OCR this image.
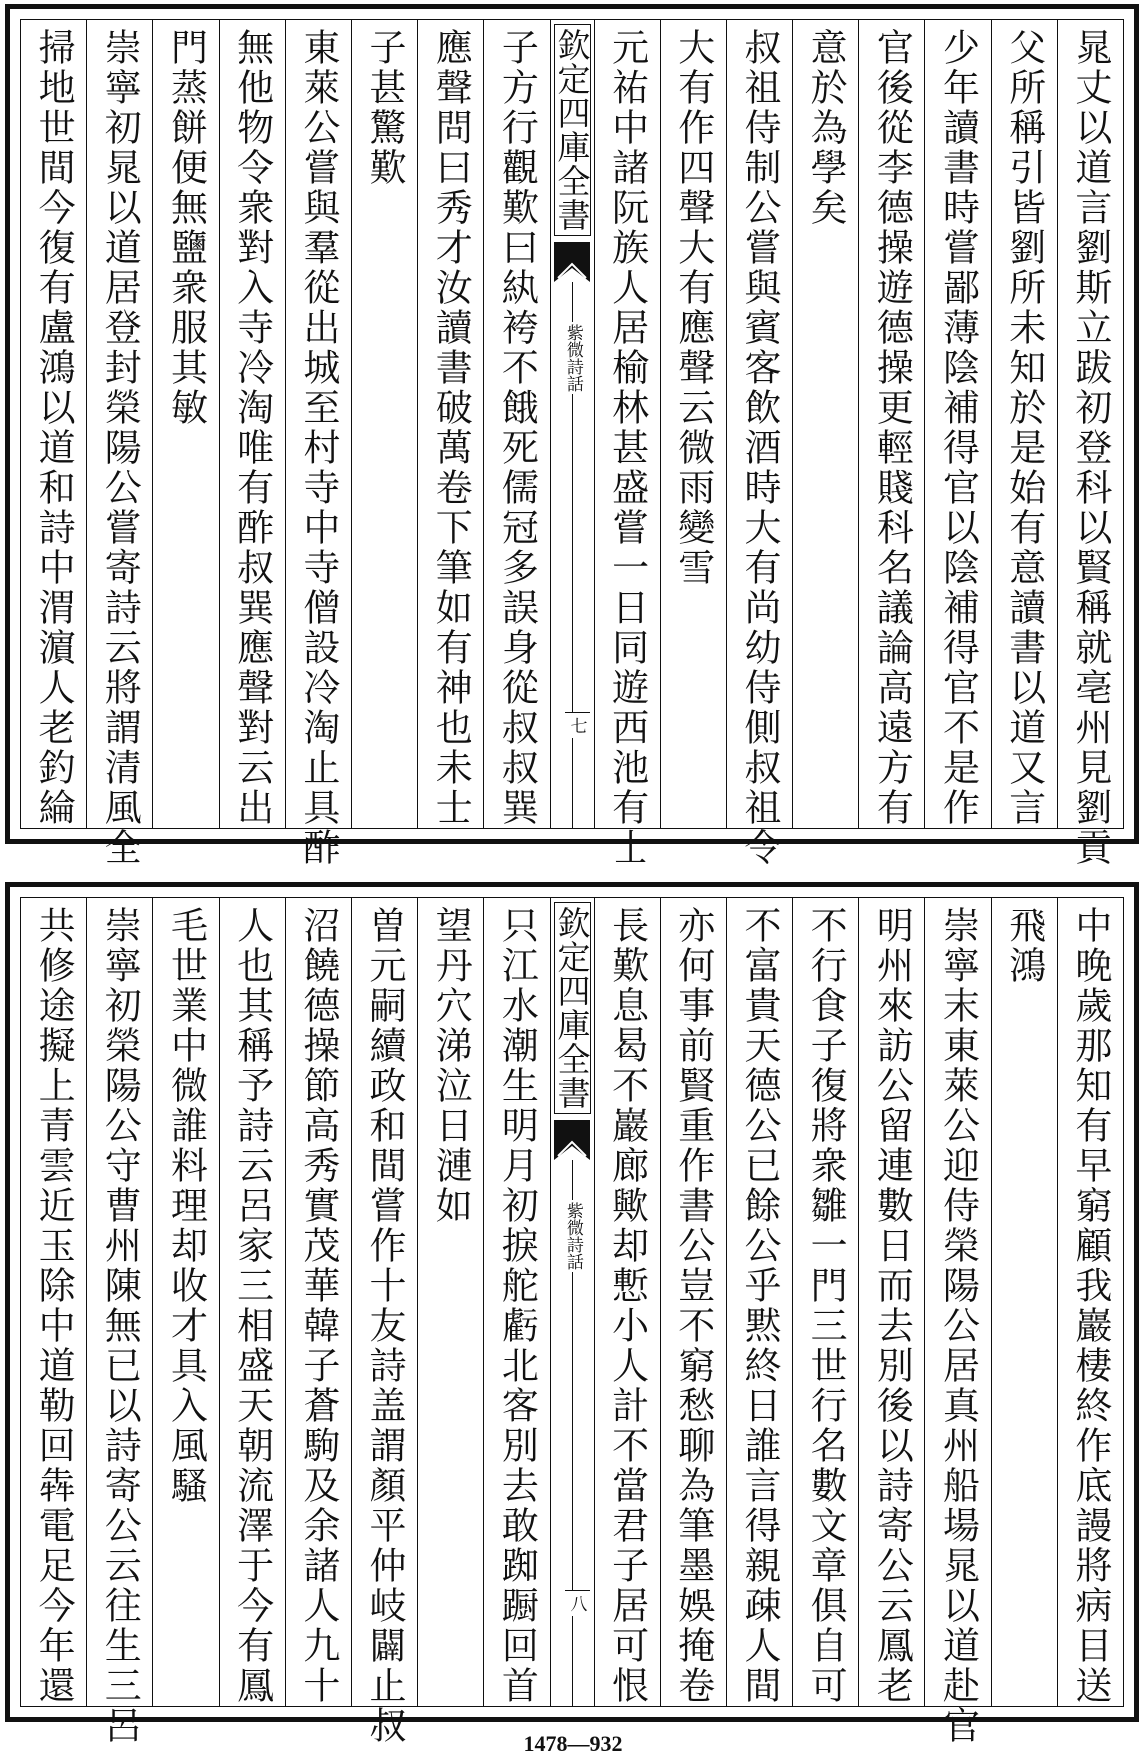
晁丈以道言劉斯立跋初登科以賢稱就亳州見劉貢
父所稱引皆劉所未知於是始有意讀書以道又言
少年讀書時嘗鄙薄陰補得官以陰補得官不是作
官後從李德操遊德操更輕賤科名議論高遠方有
意於為學矣
叔祖侍制公嘗與賓客飲酒時大有尚幼侍側叔祖令
大有作四聲大有應聲云微雨變雪
元祐中諸阮族人居榆林甚盛嘗一日同遊西池有士
欽定四庫全書
紫微詩話
七
子方行觀歎曰紈袴不餓死儒冠多誤身從叔叔巽
應聲問曰秀才汝讀書破萬卷下筆如有神也未士
子甚驚歎
東萊公嘗與羣從出城至村寺中寺僧設冷淘止具酢
無他物令衆對入寺冷淘唯有酢叔巽應聲對云出
門蒸餅便無鹽衆服其敏
崇寧初晁以道居登封榮陽公嘗寄詩云將謂清風全
掃地世間今復有盧鴻以道和詩中渭濵人老釣綸
中晚歲那知有早窮顧我巖棲終作底謾將病目送
飛鴻
崇寧末東萊公迎侍榮陽公居真州船場晁以道赴官
明州來訪公留連數日而去別後以詩寄公云鳳老
不行食子復將衆雛一門三世行名數文章俱自可
不富貴天德公已餘公乎黙終日誰言得親疎人間
亦何事前賢重作書公豈不窮愁聊為筆墨娛掩卷
長歎息曷不巖廊歟却慙小人計不當君子居可恨
欽定四庫全書
紫微詩話
八
只江水潮生明月初捩舵虧北客別去敢踟蹰回首
望丹穴涕泣日漣如
曽元嗣續政和間嘗作十友詩盖謂顏平仲岐闢止叔
沼饒德操節高秀實茂華韓子蒼駒及余諸人九十
人也其稱予詩云呂家三相盛天朝流澤于今有鳳
毛世業中微誰料理却收才具入風騷
崇寧初榮陽公守曹州陳無已以詩寄公云往生三呂
共修途擬上青雲近玉除中道勒回犇電足今年還
1478—932
